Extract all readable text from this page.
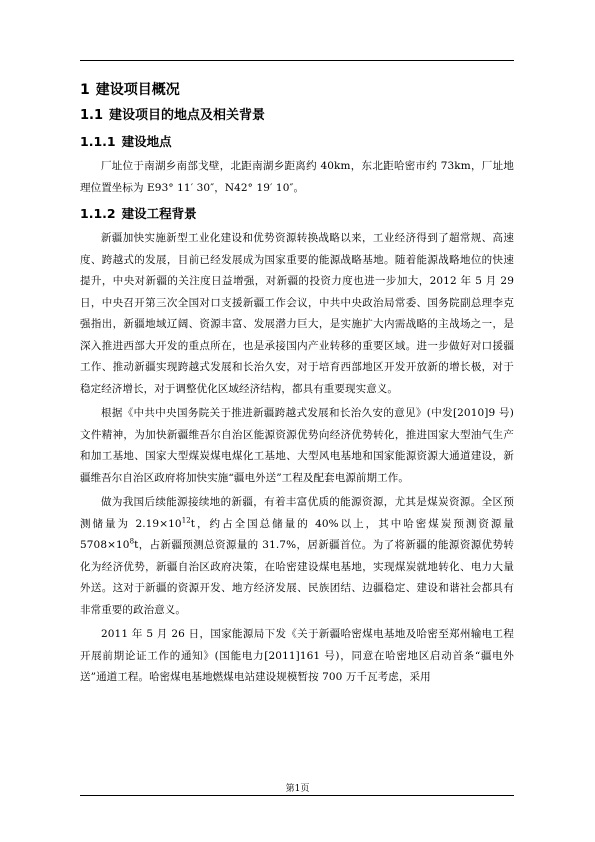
1 建设项目概况
1.1 建设项目的地点及相关背景
1.1.1 建设地点

厂址位于南湖乡南部戈壁，北距南湖乡距离约 40km，东北距哈密市约 73km，厂址地理位置坐标为 E93° 11′ 30″，N42° 19′ 10″。

1.1.2 建设工程背景

新疆加快实施新型工业化建设和优势资源转换战略以来，工业经济得到了超常规、高速度、跨越式的发展，目前已经发展成为国家重要的能源战略基地。随着能源战略地位的快速提升，中央对新疆的关注度日益增强，对新疆的投资力度也进一步加大，2012 年 5 月 29 日，中央召开第三次全国对口支援新疆工作会议，中共中央政治局常委、国务院副总理李克强指出，新疆地域辽阔、资源丰富、发展潜力巨大，是实施扩大内需战略的主战场之一，是深入推进西部大开发的重点所在，也是承接国内产业转移的重要区域。进一步做好对口援疆工作、推动新疆实现跨越式发展和长治久安，对于培育西部地区开发开放新的增长极，对于稳定经济增长，对于调整优化区域经济结构，都具有重要现实意义。

根据《中共中央国务院关于推进新疆跨越式发展和长治久安的意见》(中发[2010]9 号)文件精神，为加快新疆维吾尔自治区能源资源优势向经济优势转化，推进国家大型油气生产和加工基地、国家大型煤炭煤电煤化工基地、大型风电基地和国家能源资源大通道建设，新疆维吾尔自治区政府将加快实施“疆电外送”工程及配套电源前期工作。

做为我国后续能源接续地的新疆，有着丰富优质的能源资源，尤其是煤炭资源。全区预测储量为 $2.19\times 10^{12}t$，约占全国总储量的 40%以上，其中哈密煤炭预测资源量 $5708\times 10^8t$，占新疆预测总资源量的 31.7%，居新疆首位。为了将新疆的能源资源优势转化为经济优势，新疆自治区政府决策，在哈密建设煤电基地，实现煤炭就地转化、电力大量外送。这对于新疆的资源开发、地方经济发展、民族团结、边疆稳定、建设和谐社会都具有非常重要的政治意义。

2011 年 5 月 26 日，国家能源局下发《关于新疆哈密煤电基地及哈密至郑州输电工程开展前期论证工作的通知》(国能电力[2011]161 号)，同意在哈密地区启动首条“疆电外送”通道工程。哈密煤电基地燃煤电站建设规模暂按 700 万千瓦考虑，采用

第1页
